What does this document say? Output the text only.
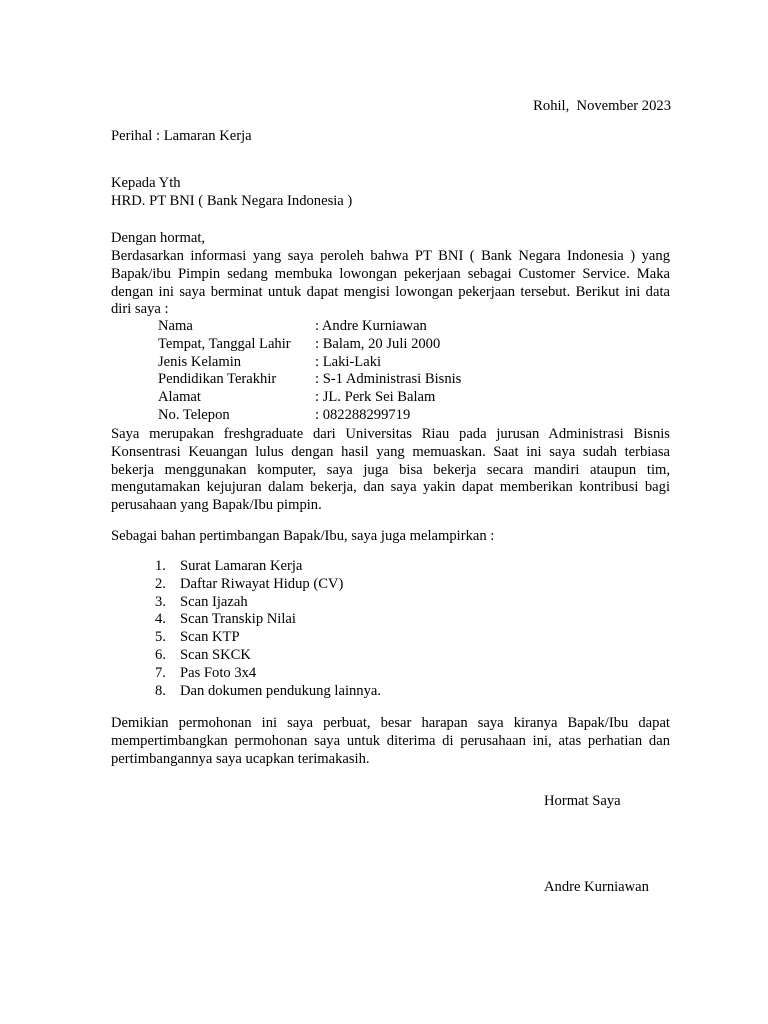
Rohil,  November 2023
Perihal : Lamaran Kerja
Kepada Yth
HRD. PT BNI ( Bank Negara Indonesia )
Dengan hormat,

Berdasarkan informasi yang saya peroleh bahwa PT BNI ( Bank Negara Indonesia ) yang Bapak/ibu Pimpin sedang membuka lowongan pekerjaan sebagai Customer Service. Maka dengan ini saya berminat untuk dapat mengisi lowongan pekerjaan tersebut. Berikut ini data diri saya :

Nama	: Andre Kurniawan
Tempat, Tanggal Lahir	: Balam, 20 Juli 2000
Jenis Kelamin	: Laki-Laki
Pendidikan Terakhir	: S-1 Administrasi Bisnis
Alamat	: JL. Perk Sei Balam
No. Telepon	: 082288299719

Saya merupakan freshgraduate dari Universitas Riau pada jurusan Administrasi Bisnis Konsentrasi Keuangan lulus dengan hasil yang memuaskan. Saat ini saya sudah terbiasa bekerja menggunakan komputer, saya juga bisa bekerja secara mandiri ataupun tim, mengutamakan kejujuran dalam bekerja, dan saya yakin dapat memberikan kontribusi bagi perusahaan yang Bapak/Ibu pimpin.

Sebagai bahan pertimbangan Bapak/Ibu, saya juga melampirkan :

1. Surat Lamaran Kerja
2. Daftar Riwayat Hidup (CV)
3. Scan Ijazah
4. Scan Transkip Nilai
5. Scan KTP
6. Scan SKCK
7. Pas Foto 3x4
8. Dan dokumen pendukung lainnya.

Demikian permohonan ini saya perbuat, besar harapan saya kiranya Bapak/Ibu dapat mempertimbangkan permohonan saya untuk diterima di perusahaan ini, atas perhatian dan pertimbangannya saya ucapkan terimakasih.

Hormat Saya
Andre Kurniawan
